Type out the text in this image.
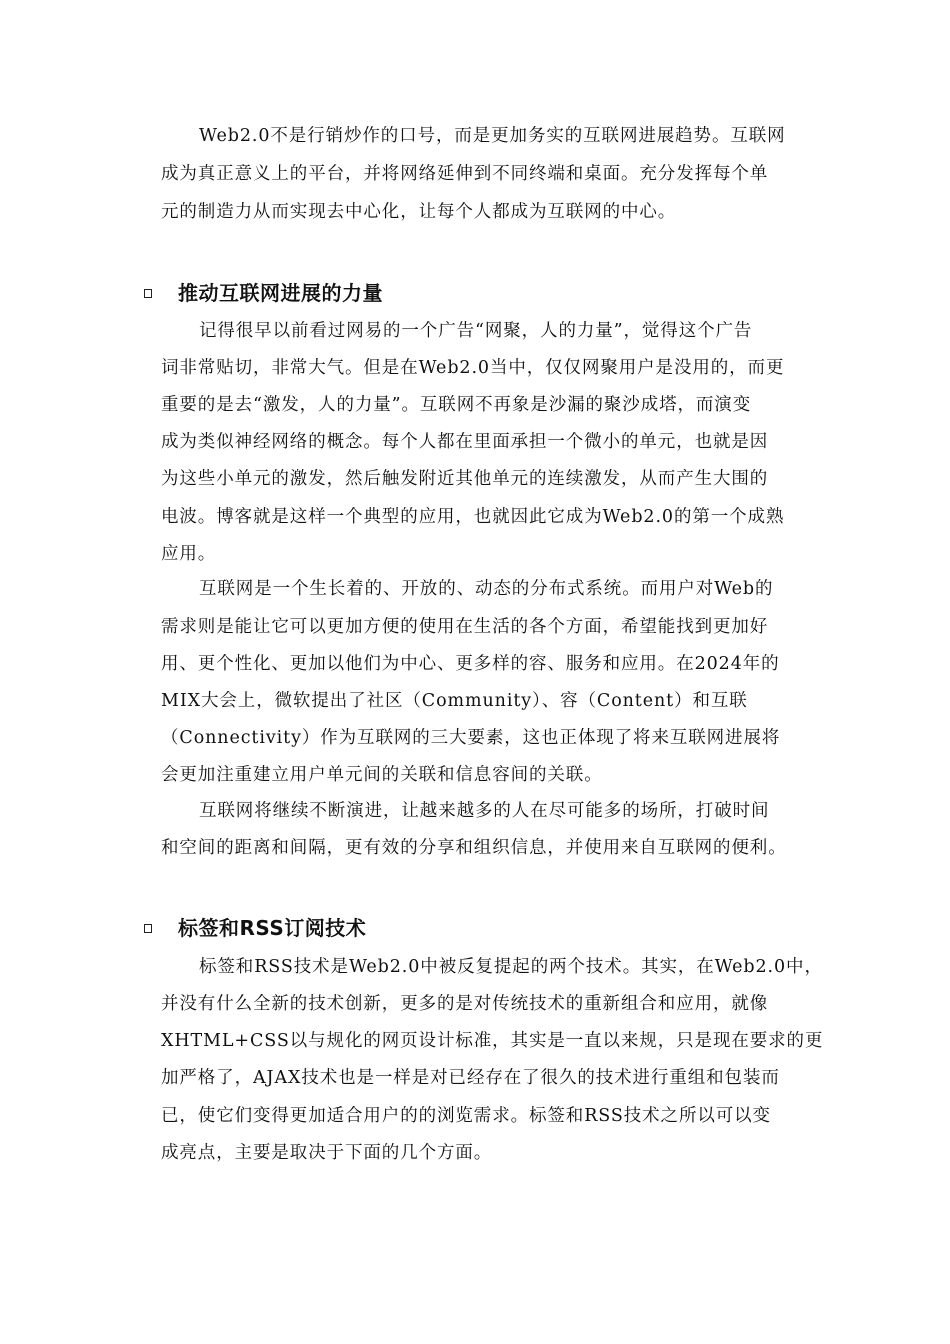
Web2.0不是行销炒作的口号，而是更加务实的互联网进展趋势。互联网
成为真正意义上的平台，并将网络延伸到不同终端和桌面。充分发挥每个单
元的制造力从而实现去中心化，让每个人都成为互联网的中心。
推动互联网进展的力量
记得很早以前看过网易的一个广告“网聚，人的力量”，觉得这个广告
词非常贴切，非常大气。但是在Web2.0当中，仅仅网聚用户是没用的，而更
重要的是去“激发，人的力量”。互联网不再象是沙漏的聚沙成塔，而演变
成为类似神经网络的概念。每个人都在里面承担一个微小的单元，也就是因
为这些小单元的激发，然后触发附近其他单元的连续激发，从而产生大围的
电波。博客就是这样一个典型的应用，也就因此它成为Web2.0的第一个成熟
应用。
互联网是一个生长着的、开放的、动态的分布式系统。而用户对Web的
需求则是能让它可以更加方便的使用在生活的各个方面，希望能找到更加好
用、更个性化、更加以他们为中心、更多样的容、服务和应用。在2024年的
MIX大会上，微软提出了社区（Community）、容（Content）和互联
（Connectivity）作为互联网的三大要素，这也正体现了将来互联网进展将
会更加注重建立用户单元间的关联和信息容间的关联。
互联网将继续不断演进，让越来越多的人在尽可能多的场所，打破时间
和空间的距离和间隔，更有效的分享和组织信息，并使用来自互联网的便利。
标签和RSS订阅技术
标签和RSS技术是Web2.0中被反复提起的两个技术。其实，在Web2.0中，
并没有什么全新的技术创新，更多的是对传统技术的重新组合和应用，就像
XHTML+CSS以与规化的网页设计标准，其实是一直以来规，只是现在要求的更
加严格了，AJAX技术也是一样是对已经存在了很久的技术进行重组和包装而
已，使它们变得更加适合用户的的浏览需求。标签和RSS技术之所以可以变
成亮点，主要是取决于下面的几个方面。
